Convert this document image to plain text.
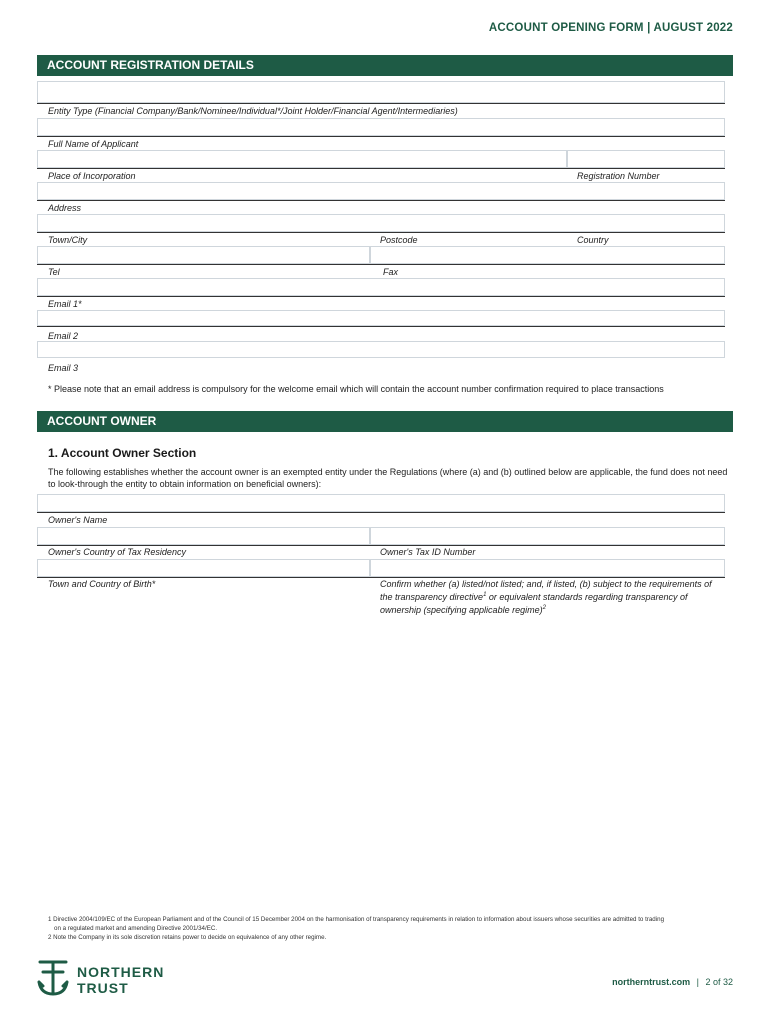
ACCOUNT OPENING FORM | AUGUST 2022
ACCOUNT REGISTRATION DETAILS
Entity Type (Financial Company/Bank/Nominee/Individual*/Joint Holder/Financial Agent/Intermediaries)
Full Name of Applicant
Place of Incorporation	Registration Number
Address
Town/City	Postcode	Country
Tel	Fax
Email 1*
Email 2
Email 3
* Please note that an email address is compulsory for the welcome email which will contain the account number confirmation required to place transactions
ACCOUNT OWNER
1. Account Owner Section
The following establishes whether the account owner is an exempted entity under the Regulations (where (a) and (b) outlined below are applicable, the fund does not need to look-through the entity to obtain information on beneficial owners):
Owner's Name
Owner's Country of Tax Residency	Owner's Tax ID Number
Town and Country of Birth*	Confirm whether (a) listed/not listed; and, if listed, (b) subject to the requirements of the transparency directive$^1$ or equivalent standards regarding transparency of ownership (specifying applicable regime)$^2$
1 Directive 2004/109/EC of the European Parliament and of the Council of 15 December 2004 on the harmonisation of transparency requirements in relation to information about issuers whose securities are admitted to trading
on a regulated market and amending Directive 2001/34/EC.
2 Note the Company in its sole discretion retains power to decide on equivalence of any other regime.
NORTHERN
TRUST	northerntrust.com | 2 of 32
